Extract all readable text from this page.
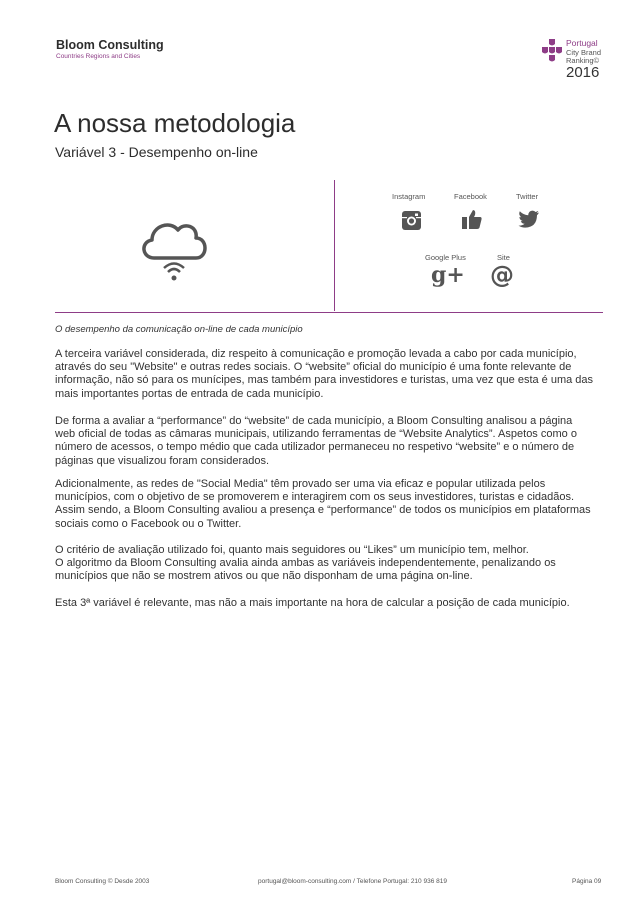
Bloom Consulting
Countries Regions and Cities
Portugal
City Brand
Ranking©
2016
A nossa metodologia
Variável 3 - Desempenho on-line
Instagram	Facebook	Twitter
Google Plus	Site
g+ @
O desempenho da comunicação on-line de cada município
A terceira variável considerada, diz respeito à comunicação e promoção levada a cabo por cada município,
através do seu "Website" e outras redes sociais. O “website” oficial do município é uma fonte relevante de
informação, não só para os munícipes, mas também para investidores e turistas, uma vez que esta é uma das
mais importantes portas de entrada de cada município.
De forma a avaliar a “performance” do “website” de cada município, a Bloom Consulting analisou a página
web oficial de todas as câmaras municipais, utilizando ferramentas de “Website Analytics”. Aspetos como o
número de acessos, o tempo médio que cada utilizador permaneceu no respetivo “website” e o número de
páginas que visualizou foram considerados.
Adicionalmente, as redes de "Social Media" têm provado ser uma via eficaz e popular utilizada pelos
municípios, com o objetivo de se promoverem e interagirem com os seus investidores, turistas e cidadãos.
Assim sendo, a Bloom Consulting avaliou a presença e “performance” de todos os municípios em plataformas
sociais como o Facebook ou o Twitter.
O critério de avaliação utilizado foi, quanto mais seguidores ou “Likes” um município tem, melhor.
O algoritmo da Bloom Consulting avalia ainda ambas as variáveis independentemente, penalizando os
municípios que não se mostrem ativos ou que não disponham de uma página on-line.
Esta 3ª variável é relevante, mas não a mais importante na hora de calcular a posição de cada município.
Bloom Consulting © Desde 2003	portugal@bloom-consulting.com / Telefone Portugal: 210 936 819	Página 09
